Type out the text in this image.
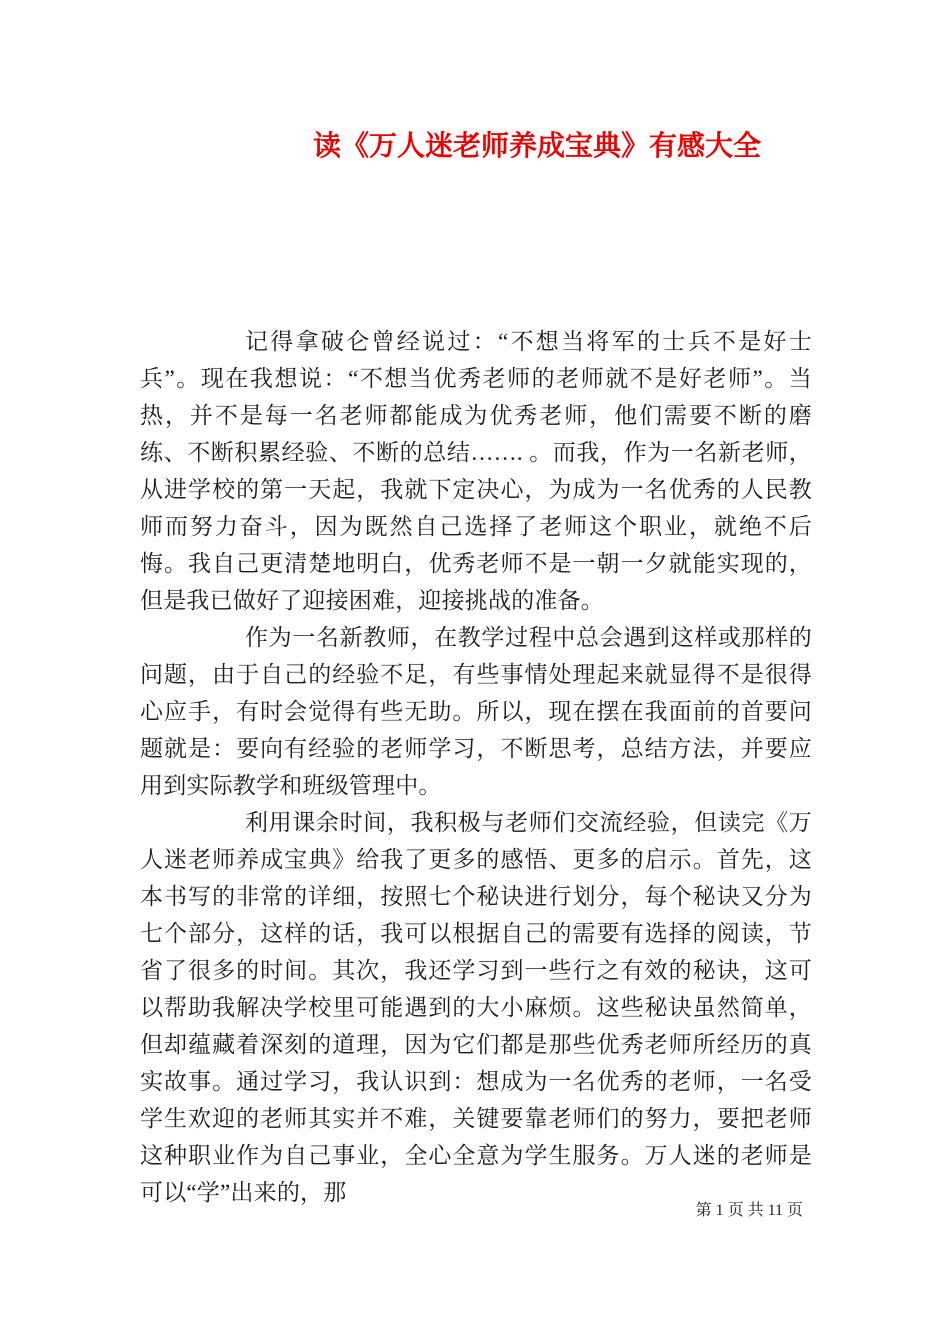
读《万人迷老师养成宝典》有感大全

记得拿破仑曾经说过：“不想当将军的士兵不是好士兵”。现在我想说：“不想当优秀老师的老师就不是好老师”。当热，并不是每一名老师都能成为优秀老师，他们需要不断的磨练、不断积累经验、不断的总结……. 。而我，作为一名新老师，从进学校的第一天起，我就下定决心，为成为一名优秀的人民教师而努力奋斗，因为既然自己选择了老师这个职业，就绝不后悔。我自己更清楚地明白，优秀老师不是一朝一夕就能实现的，但是我已做好了迎接困难，迎接挑战的准备。

作为一名新教师，在教学过程中总会遇到这样或那样的问题，由于自己的经验不足，有些事情处理起来就显得不是很得心应手，有时会觉得有些无助。所以，现在摆在我面前的首要问题就是：要向有经验的老师学习，不断思考，总结方法，并要应用到实际教学和班级管理中。

利用课余时间，我积极与老师们交流经验，但读完《万人迷老师养成宝典》给我了更多的感悟、更多的启示。首先，这本书写的非常的详细，按照七个秘诀进行划分，每个秘诀又分为七个部分，这样的话，我可以根据自己的需要有选择的阅读，节省了很多的时间。其次，我还学习到一些行之有效的秘诀，这可以帮助我解决学校里可能遇到的大小麻烦。这些秘诀虽然简单，但却蕴藏着深刻的道理，因为它们都是那些优秀老师所经历的真实故事。通过学习，我认识到：想成为一名优秀的老师，一名受学生欢迎的老师其实并不难，关键要靠老师们的努力，要把老师这种职业作为自己事业，全心全意为学生服务。万人迷的老师是可以“学”出来的，那

第 1 页 共 11 页
